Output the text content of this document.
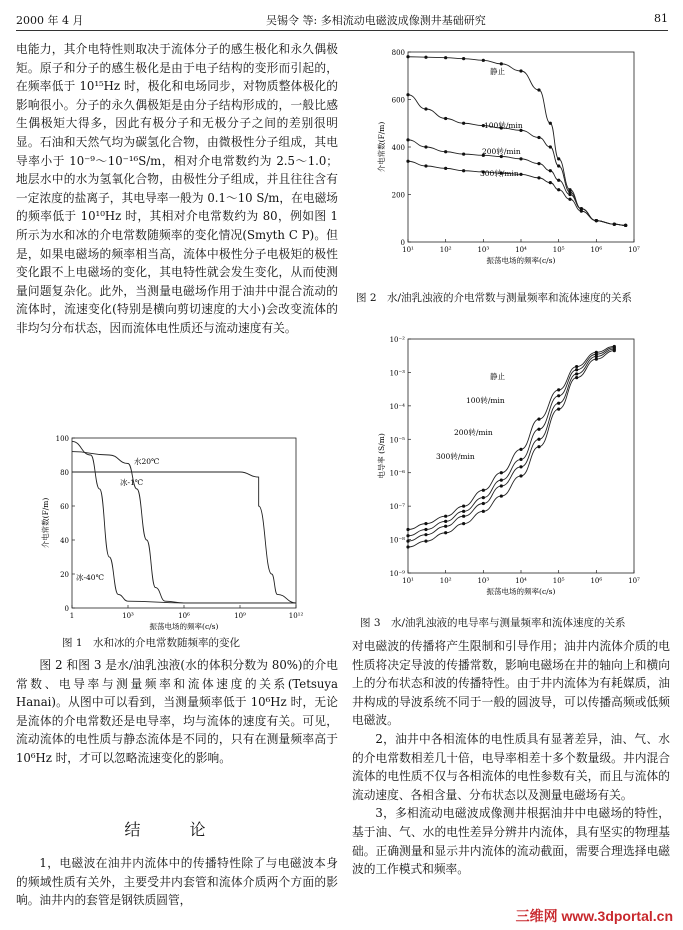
2000 年 4 月	吴锡令 等: 多相流动电磁波成像测井基础研究	81

电能力，其介电特性则取决于流体分子的感生极化和永久偶极矩。原子和分子的感生极化是由于电子结构的变形而引起的，在频率低于 10¹⁵Hz 时，极化和电场同步，对物质整体极化的影响很小。分子的永久偶极矩是由分子结构形成的，一般比感生偶极矩大得多，因此有极分子和无极分子之间的差别很明显。石油和天然气均为碳氢化合物，由微极性分子组成，其电导率小于 10⁻⁹～10⁻¹⁶S/m，相对介电常数约为 2.5～1.0；地层水中的水为氢氧化合物，由极性分子组成，并且往往含有一定浓度的盐离子，其电导率一般为 0.1～10 S/m，在电磁场的频率低于 10¹⁰Hz 时，其相对介电常数约为 80，例如图 1 所示为水和冰的介电常数随频率的变化情况(Smyth C P)。但是，如果电磁场的频率相当高，流体中极性分子电极矩的极性变化跟不上电磁场的变化，其电特性就会发生变化，从而使测量问题复杂化。此外，当测量电磁场作用于油井中混合流动的流体时，流速变化(特别是横向剪切速度的大小)会改变流体的非均匀分布状态，因而流体电性质还与流动速度有关。

1	10³	10⁶	10⁹	10¹²
0
20
40
60
80
100
振荡电场的频率(c/s)
介电常数(F/m)
水20℃
冰-1℃
冰-40℃
图 1　水和冰的介电常数随频率的变化

图 2 和图 3 是水/油乳浊液(水的体积分数为 80%)的介电常数、电导率与测量频率和流体速度的关系(Tetsuya Hanai)。从图中可以看到，当测量频率低于 10⁶Hz 时，无论是流体的介电常数还是电导率，均与流体的速度有关。可见，流动流体的电性质与静态流体是不同的，只有在测量频率高于 10⁶Hz 时，才可以忽略流速变化的影响。

结 论

1，电磁波在油井内流体中的传播特性除了与电磁波本身的频域性质有关外，主要受井内套管和流体介质两个方面的影响。油井内的套管是钢铁质圆管，

10¹	10²	10³	10⁴	10⁵	10⁶	10⁷
0
200
400
600
800
振荡电场的频率(c/s)
介电常数(F/m)
静止
100转/min
200转/min
300转/min
图 2　水/油乳浊液的介电常数与测量频率和流体速度的关系
10¹	10²	10³	10⁴	10⁵	10⁶	10⁷
10⁻⁹
10⁻⁸
10⁻⁷
10⁻⁶
10⁻⁵
10⁻⁴
10⁻³
10⁻²
振荡电场的频率(c/s)
电导率 (S/m)
静止
100转/min
200转/min
300转/min
图 3　水/油乳浊液的电导率与测量频率和流体速度的关系

对电磁波的传播将产生限制和引导作用；油井内流体介质的电性质将决定导波的传播常数，影响电磁场在井的轴向上和横向上的分布状态和波的传播特性。由于井内流体为有耗媒质，油井构成的导波系统不同于一般的圆波导，可以传播高频或低频电磁波。

2，油井中各相流体的电性质具有显著差异，油、气、水的介电常数相差几十倍，电导率相差十多个数量级。井内混合流体的电性质不仅与各相流体的电性参数有关，而且与流体的流动速度、各相含量、分布状态以及测量电磁场有关。

3，多相流动电磁波成像测井根据油井中电磁场的特性，基于油、气、水的电性差异分辨井内流体，具有坚实的物理基础。正确测量和显示井内流体的流动截面，需要合理选择电磁波的工作模式和频率。

三维网 www.3dportal.cn
